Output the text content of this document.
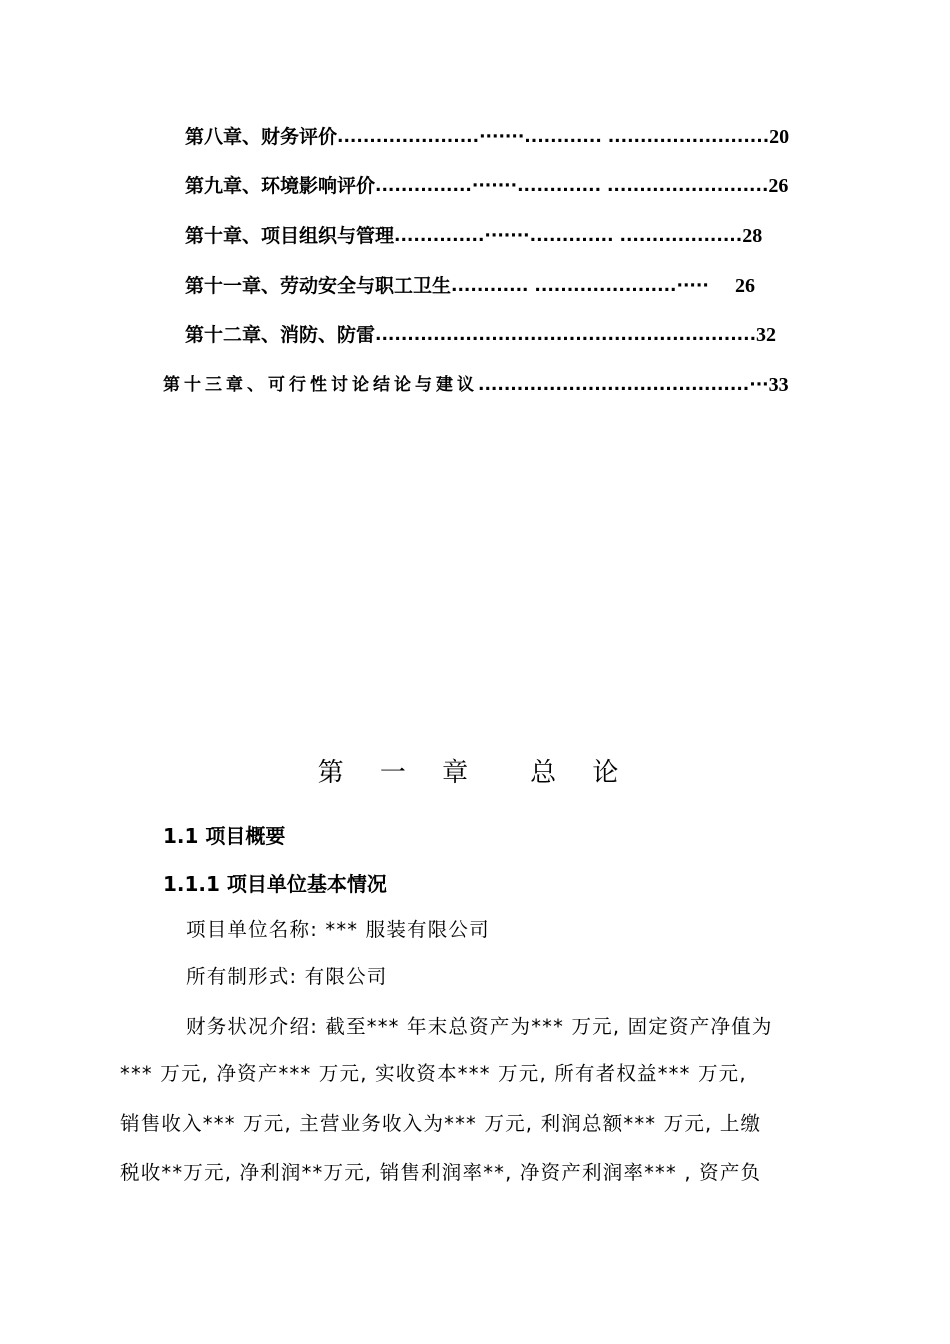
第八章、财务评价 ......................·······............ ......................... 20
第九章、环境影响评价 ...............·······............. ......................... 26
第十章、项目组织与管理 ..............·······............. ................... 28
第十一章、劳动安全与职工卫生 ............ ......................·····	26
第十二章、消防、防雷 ........................................................... 32
第十三章、可行性讨论结论与建议 ..........................................··· 33
第 一 章 总 论
1.1 项目概要
1.1.1 项目单位基本情况
项目单位名称: *** 服装有限公司
所有制形式: 有限公司
财务状况介绍: 截至*** 年末总资产为*** 万元, 固定资产净值为
*** 万元, 净资产*** 万元, 实收资本*** 万元, 所有者权益*** 万元,
销售收入*** 万元, 主营业务收入为*** 万元, 利润总额*** 万元, 上缴
税收**万元, 净利润**万元, 销售利润率**, 净资产利润率*** , 资产负
